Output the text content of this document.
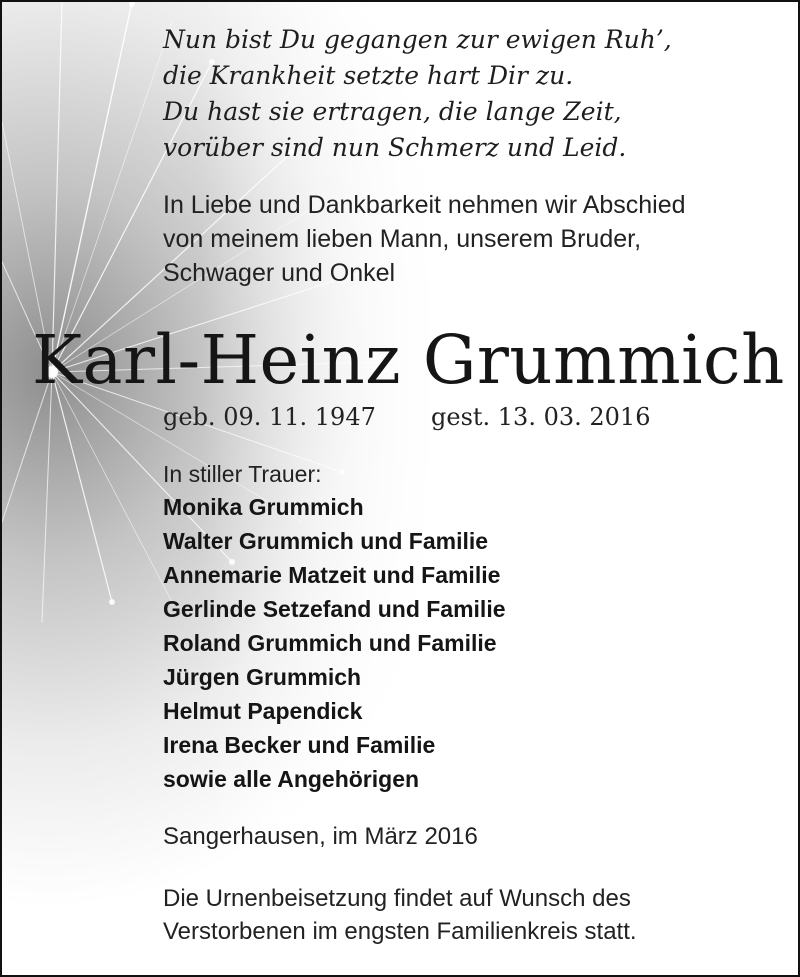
Nun bist Du gegangen zur ewigen Ruh’,
die Krankheit setzte hart Dir zu.
Du hast sie ertragen, die lange Zeit,
vorüber sind nun Schmerz und Leid.
In Liebe und Dankbarkeit nehmen wir Abschied
von meinem lieben Mann, unserem Bruder,
Schwager und Onkel
Karl-Heinz Grummich
geb. 09. 11. 1947 gest. 13. 03. 2016
In stiller Trauer:
Monika Grummich
Walter Grummich und Familie
Annemarie Matzeit und Familie
Gerlinde Setzefand und Familie
Roland Grummich und Familie
Jürgen Grummich
Helmut Papendick
Irena Becker und Familie
sowie alle Angehörigen
Sangerhausen, im März 2016
Die Urnenbeisetzung findet auf Wunsch des
Verstorbenen im engsten Familienkreis statt.
